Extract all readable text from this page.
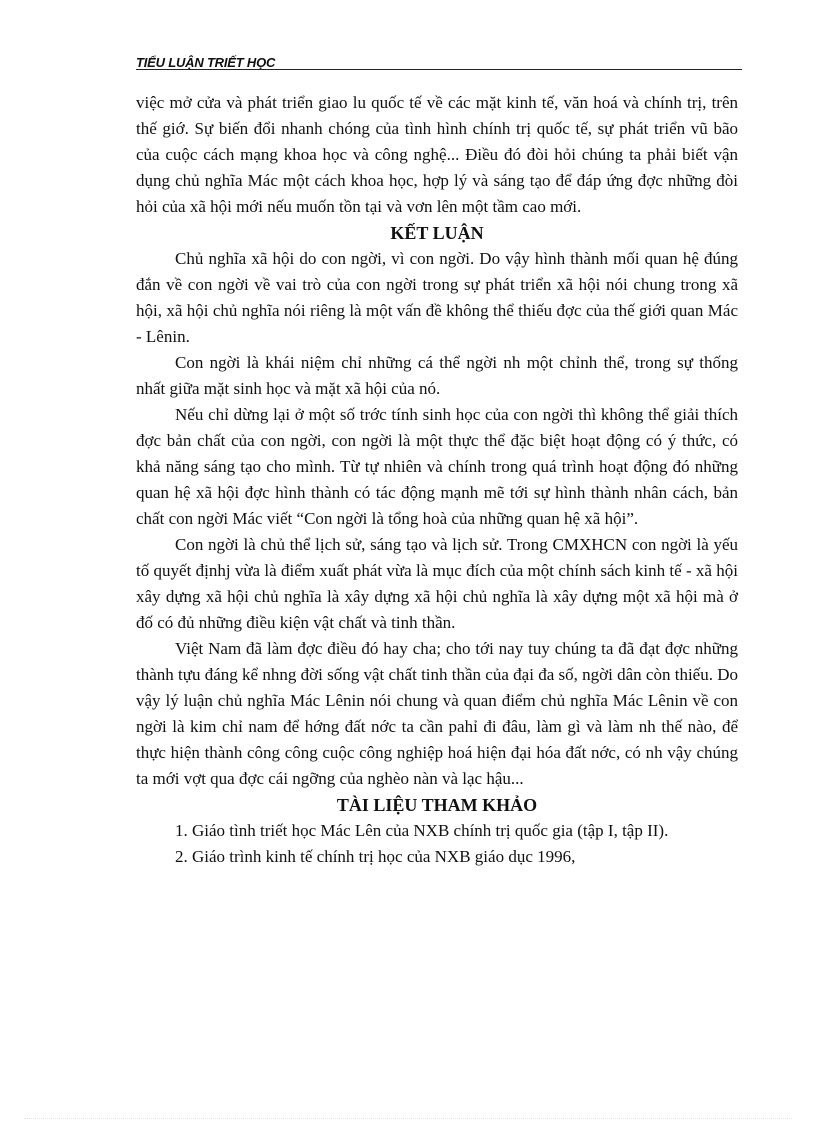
TIỂU LUẬN TRIẾT HỌC

việc mở cửa và phát triển giao lu quốc tế về các mặt kinh tế, văn hoá và chính trị, trên thế giớ. Sự biến đổi nhanh chóng của tình hình chính trị quốc tế, sự phát triển vũ bão của cuộc cách mạng khoa học và công nghệ... Điều đó đòi hỏi chúng ta phải biết vận dụng chủ nghĩa Mác một cách khoa học, hợp lý và sáng tạo để đáp ứng đợc những đòi hỏi của xã hội mới nếu muốn tồn tại và vơn lên một tầm cao mới.

KẾT LUẬN

Chủ nghĩa xã hội do con ngời, vì con ngời. Do vậy hình thành mối quan hệ đúng đắn về con ngời về vai trò của con ngời trong sự phát triển xã hội nói chung trong xã hội, xã hội chủ nghĩa nói riêng là một vấn đề không thể thiếu đợc của thế giới quan Mác - Lênin.

Con ngời là khái niệm chỉ những cá thể ngời nh một chỉnh thể, trong sự thống nhất giữa mặt sinh học và mặt xã hội của nó.

Nếu chỉ dừng lại ở một số trớc tính sinh học của con ngời thì không thể giải thích đợc bản chất của con ngời, con ngời là một thực thể đặc biệt hoạt động có ý thức, có khả năng sáng tạo cho mình. Từ tự nhiên và chính trong quá trình hoạt động đó những quan hệ xã hội đợc hình thành có tác động mạnh mẽ tới sự hình thành nhân cách, bản chất con ngời Mác viết “Con ngời là tổng hoà của những quan hệ xã hội”.

Con ngời là chủ thể lịch sử, sáng tạo và lịch sử. Trong CMXHCN con ngời là yếu tố quyết địnhj vừa là điểm xuất phát vừa là mục đích của một chính sách kinh tế - xã hội xây dựng xã hội chủ nghĩa là xây dựng xã hội chủ nghĩa là xây dựng một xã hội mà ở đố có đủ những điều kiện vật chất và tinh thần.

Việt Nam đã làm đợc điều đó hay cha; cho tới nay tuy chúng ta đã đạt đợc những thành tựu đáng kể nhng đời sống vật chất tinh thần của đại đa số, ngời dân còn thiếu. Do vậy lý luận chủ nghĩa Mác Lênin nói chung và quan điểm chủ nghĩa Mác Lênin về con ngời là kim chỉ nam để hớng đất nớc ta cần pahỉ đi đâu, làm gì và làm nh thế nào, để thực hiện thành công công cuộc công nghiệp hoá hiện đại hóa đất nớc, có nh vậy chúng ta mới vợt qua đợc cái ngỡng của nghèo nàn và lạc hậu...

TÀI LIỆU THAM KHẢO

1. Giáo tình triết học Mác Lên của NXB chính trị quốc gia (tập I, tập II).
2. Giáo trình kinh tế chính trị học của NXB giáo dục 1996,
